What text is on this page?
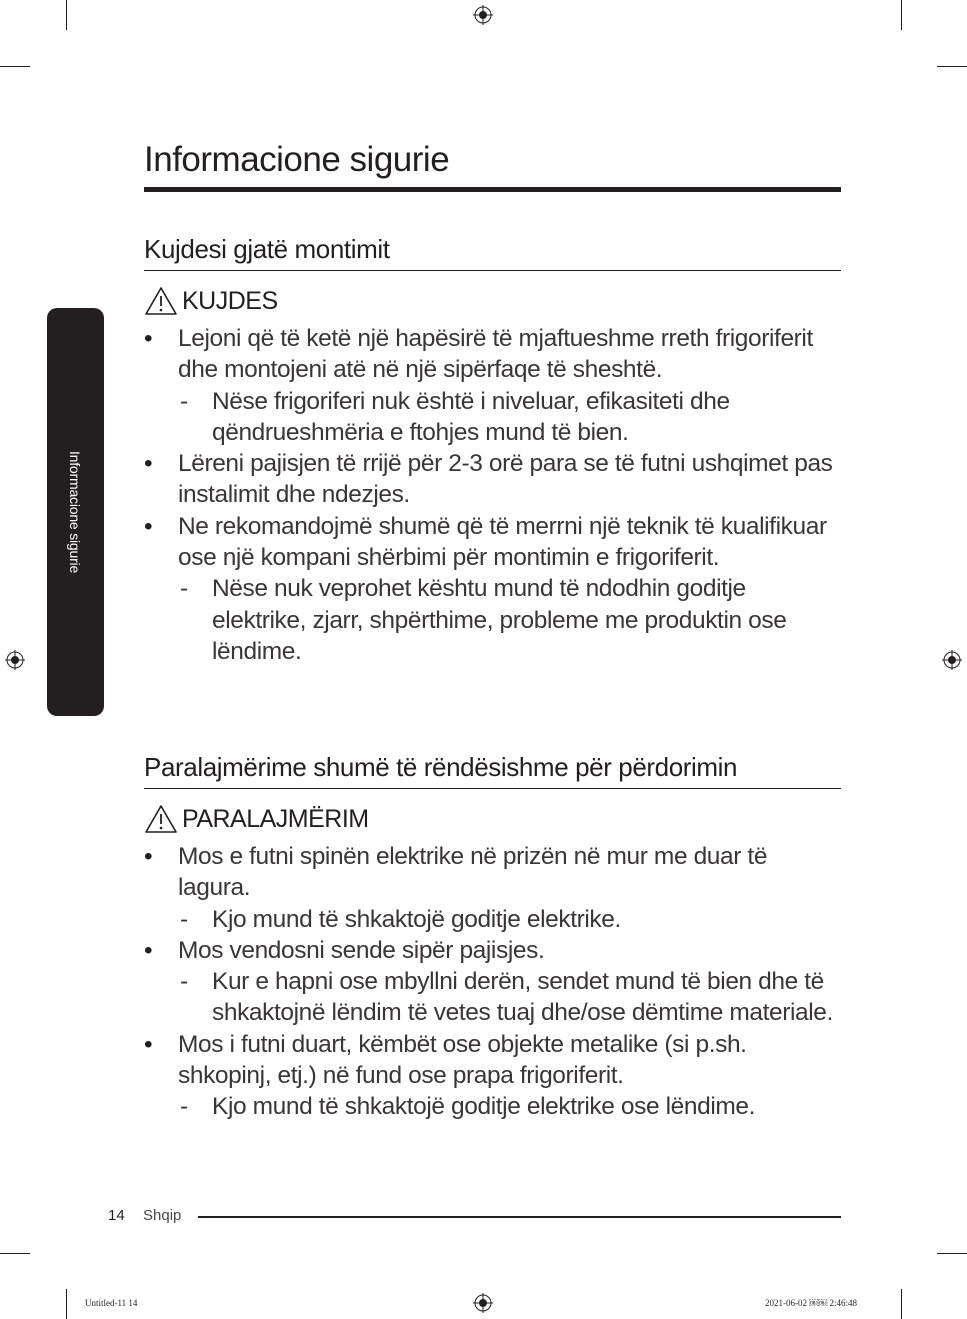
Informacione sigurie
Informacione sigurie
Kujdesi gjatë montimit
KUJDES
• Lejoni që të ketë një hapësirë të mjaftueshme rreth frigoriferit dhe montojeni atë në një sipërfaqe të sheshtë.
- Nëse frigoriferi nuk është i niveluar, efikasiteti dhe qëndrueshmëria e ftohjes mund të bien.
• Lëreni pajisjen të rrijë për 2-3 orë para se të futni ushqimet pas instalimit dhe ndezjes.
• Ne rekomandojmë shumë që të merrni një teknik të kualifikuar ose një kompani shërbimi për montimin e frigoriferit.
- Nëse nuk veprohet kështu mund të ndodhin goditje elektrike, zjarr, shpërthime, probleme me produktin ose lëndime.
Paralajmërime shumë të rëndësishme për përdorimin
PARALAJMËRIM
• Mos e futni spinën elektrike në prizën në mur me duar të lagura.
- Kjo mund të shkaktojë goditje elektrike.
• Mos vendosni sende sipër pajisjes.
- Kur e hapni ose mbyllni derën, sendet mund të bien dhe të shkaktojnë lëndim të vetes tuaj dhe/ose dëmtime materiale.
• Mos i futni duart, këmbët ose objekte metalike (si p.sh. shkopinj, etj.) në fund ose prapa frigoriferit.
- Kjo mund të shkaktojë goditje elektrike ose lëndime.
14 Shqip
Untitled-11 14	2021-06-02 ￼￼ 2:46:48
